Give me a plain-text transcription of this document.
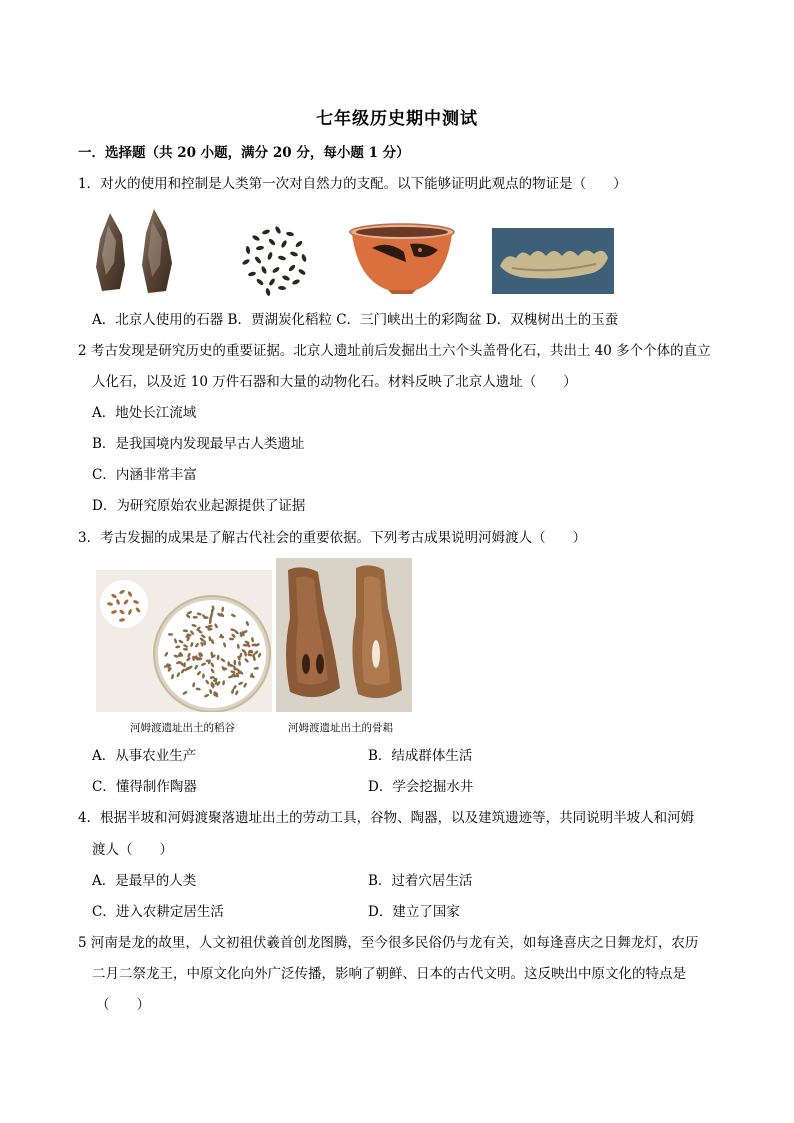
七年级历史期中测试
一．选择题（共 20 小题，满分 20 分，每小题 1 分）
1．对火的使用和控制是人类第一次对自然力的支配。以下能够证明此观点的物证是（　　）
A．北京人使用的石器 B．贾湖炭化稻粒 C．三门峡出土的彩陶盆 D．双槐树出土的玉蚕
2 考古发现是研究历史的重要证据。北京人遗址前后发掘出土六个头盖骨化石，共出土 40 多个个体的直立
人化石，以及近 10 万件石器和大量的动物化石。材料反映了北京人遗址（　　）
A．地处长江流域
B．是我国境内发现最早古人类遗址
C．内涵非常丰富
D．为研究原始农业起源提供了证据
3．考古发掘的成果是了解古代社会的重要依据。下列考古成果说明河姆渡人（　　）
河姆渡遗址出土的稻谷	河姆渡遗址出土的骨耜
A．从事农业生产	B．结成群体生活
C．懂得制作陶器	D．学会挖掘水井
4．根据半坡和河姆渡聚落遗址出土的劳动工具，谷物、陶器，以及建筑遗迹等，共同说明半坡人和河姆
渡人（　　）
A．是最早的人类	B．过着穴居生活
C．进入农耕定居生活	D．建立了国家
5 河南是龙的故里，人文初祖伏羲首创龙图腾，至今很多民俗仍与龙有关，如每逢喜庆之日舞龙灯，农历
二月二祭龙王，中原文化向外广泛传播，影响了朝鲜、日本的古代文明。这反映出中原文化的特点是
（　　）
